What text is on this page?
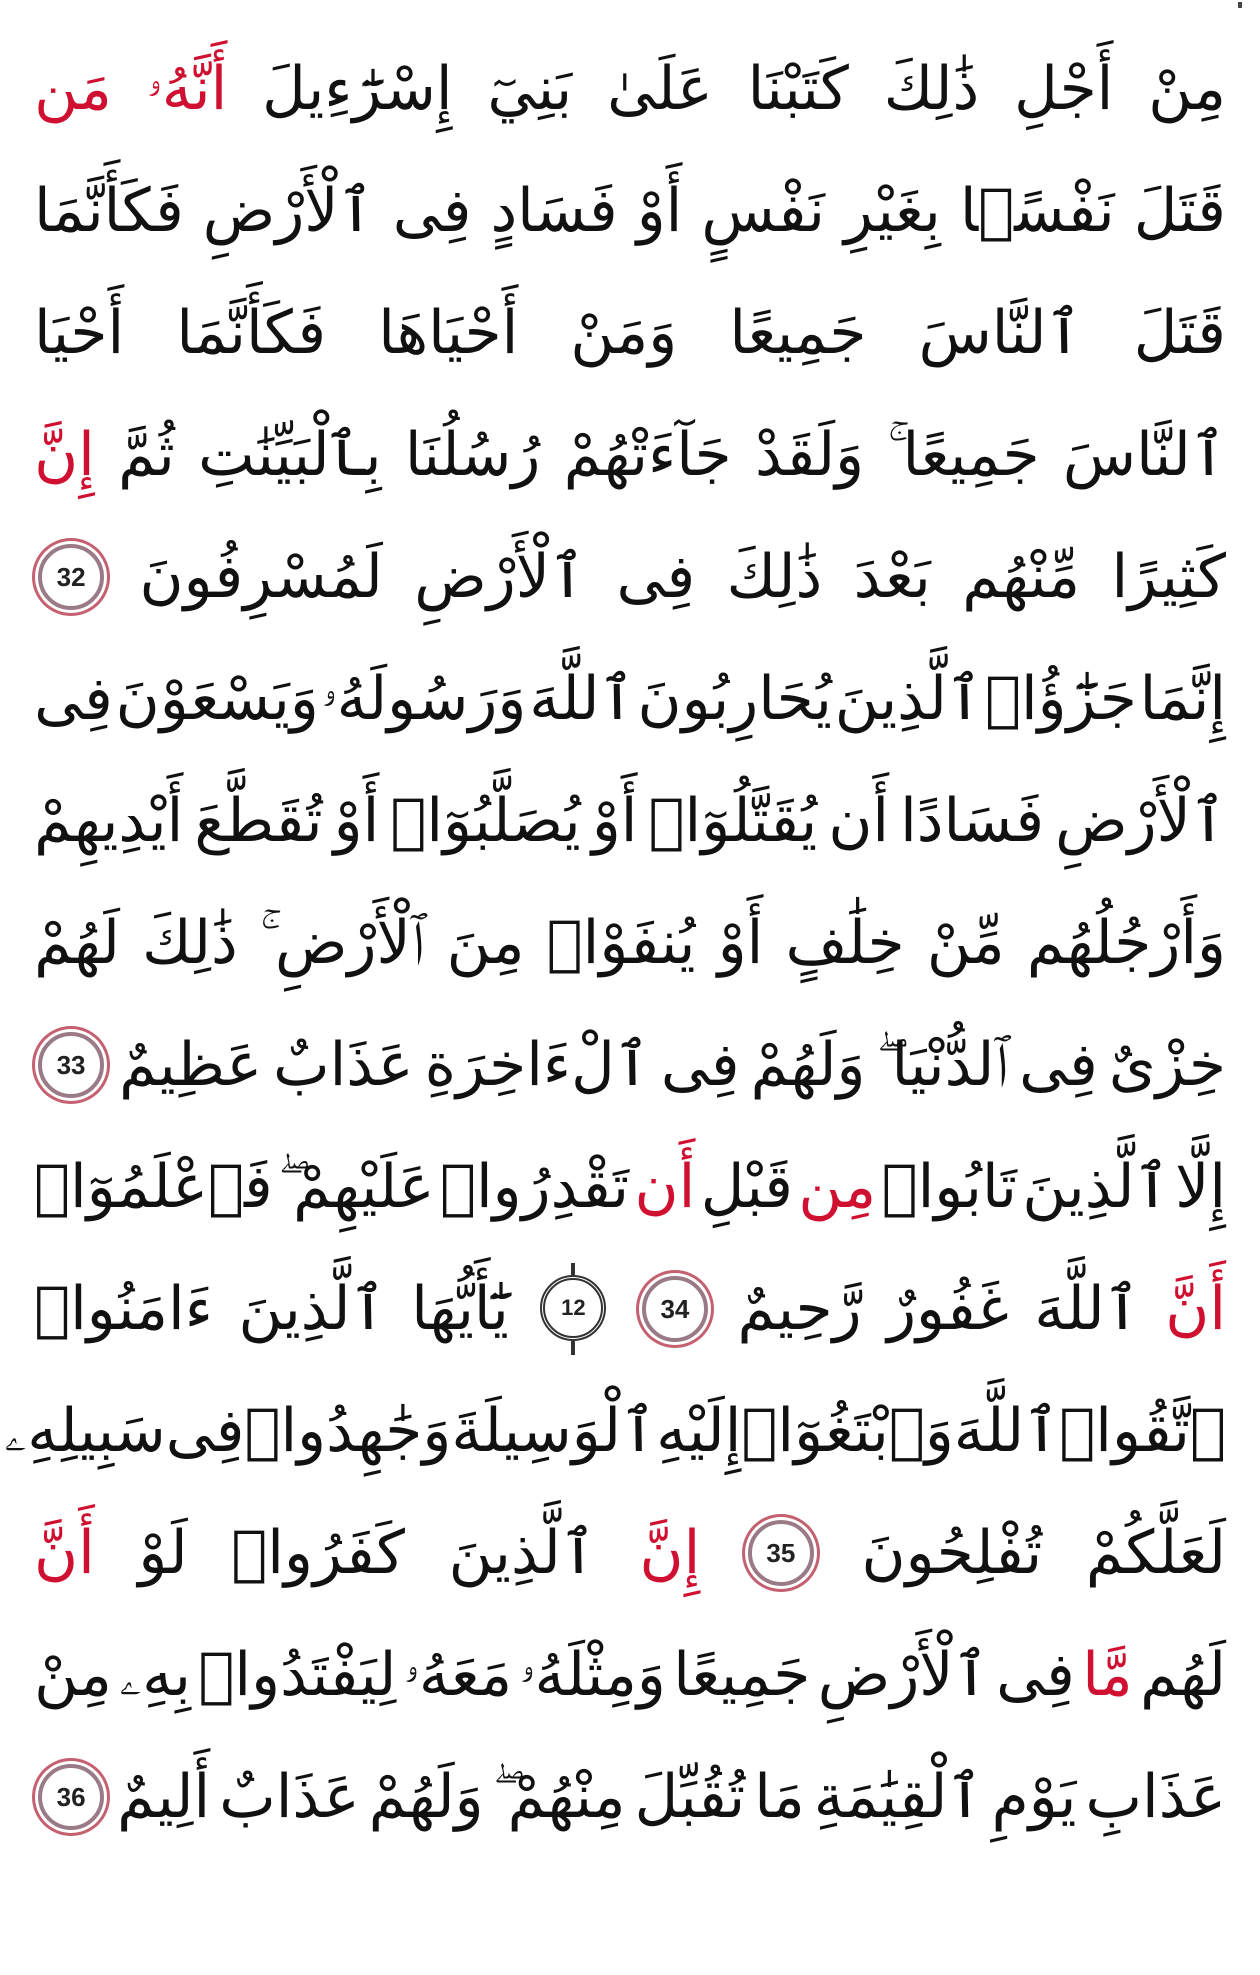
مِنْ
أَجْلِ
ذَٰلِكَ
كَتَبْنَا
عَلَىٰ
بَنِيٓ
إِسْرَٰٓءِيلَ
أَنَّهُۥ
مَن
قَتَلَ
نَفْسًۢا
بِغَيْرِ
نَفْسٍ
أَوْ
فَسَادٍ
فِى
ٱلْأَرْضِ
فَكَأَنَّمَا
قَتَلَ
ٱلنَّاسَ
جَمِيعًا
وَمَنْ
أَحْيَاهَا
فَكَأَنَّمَا
أَحْيَا
ٱلنَّاسَ
جَمِيعًا ۚ
وَلَقَدْ
جَآءَتْهُمْ
رُسُلُنَا
بِٱلْبَيِّنَٰتِ
ثُمَّ
إِنَّ
كَثِيرًا
مِّنْهُم
بَعْدَ
ذَٰلِكَ
فِى
ٱلْأَرْضِ
لَمُسْرِفُونَ
32
إِنَّمَا
جَزَٰٓؤُا۟
ٱلَّذِينَ
يُحَارِبُونَ
ٱللَّهَ
وَرَسُولَهُۥ
وَيَسْعَوْنَ
فِى
ٱلْأَرْضِ
فَسَادًا
أَن
يُقَتَّلُوٓا۟
أَوْ
يُصَلَّبُوٓا۟
أَوْ
تُقَطَّعَ
أَيْدِيهِمْ
وَأَرْجُلُهُم
مِّنْ
خِلَٰفٍ
أَوْ
يُنفَوْا۟
مِنَ
ٱلْأَرْضِ ۚ
ذَٰلِكَ
لَهُمْ
خِزْىٌ
فِى
ٱلدُّنْيَا ۖ
وَلَهُمْ
فِى
ٱلْءَاخِرَةِ
عَذَابٌ
عَظِيمٌ
33
إِلَّا
ٱلَّذِينَ
تَابُوا۟
مِن
قَبْلِ
أَن
تَقْدِرُوا۟
عَلَيْهِمْ ۖ
فَٱعْلَمُوٓا۟
أَنَّ
ٱللَّهَ
غَفُورٌ
رَّحِيمٌ
34
12
يَٰٓأَيُّهَا
ٱلَّذِينَ
ءَامَنُوا۟
ٱتَّقُوا۟
ٱللَّهَ
وَٱبْتَغُوٓا۟
إِلَيْهِ
ٱلْوَسِيلَةَ
وَجَٰهِدُوا۟
فِى
سَبِيلِهِۦ
لَعَلَّكُمْ
تُفْلِحُونَ
35
إِنَّ
ٱلَّذِينَ
كَفَرُوا۟
لَوْ
أَنَّ
لَهُم
مَّا
فِى
ٱلْأَرْضِ
جَمِيعًا
وَمِثْلَهُۥ
مَعَهُۥ
لِيَفْتَدُوا۟
بِهِۦ
مِنْ
عَذَابِ
يَوْمِ
ٱلْقِيَٰمَةِ
مَا
تُقُبِّلَ
مِنْهُمْ ۖ
وَلَهُمْ
عَذَابٌ
أَلِيمٌ
36
